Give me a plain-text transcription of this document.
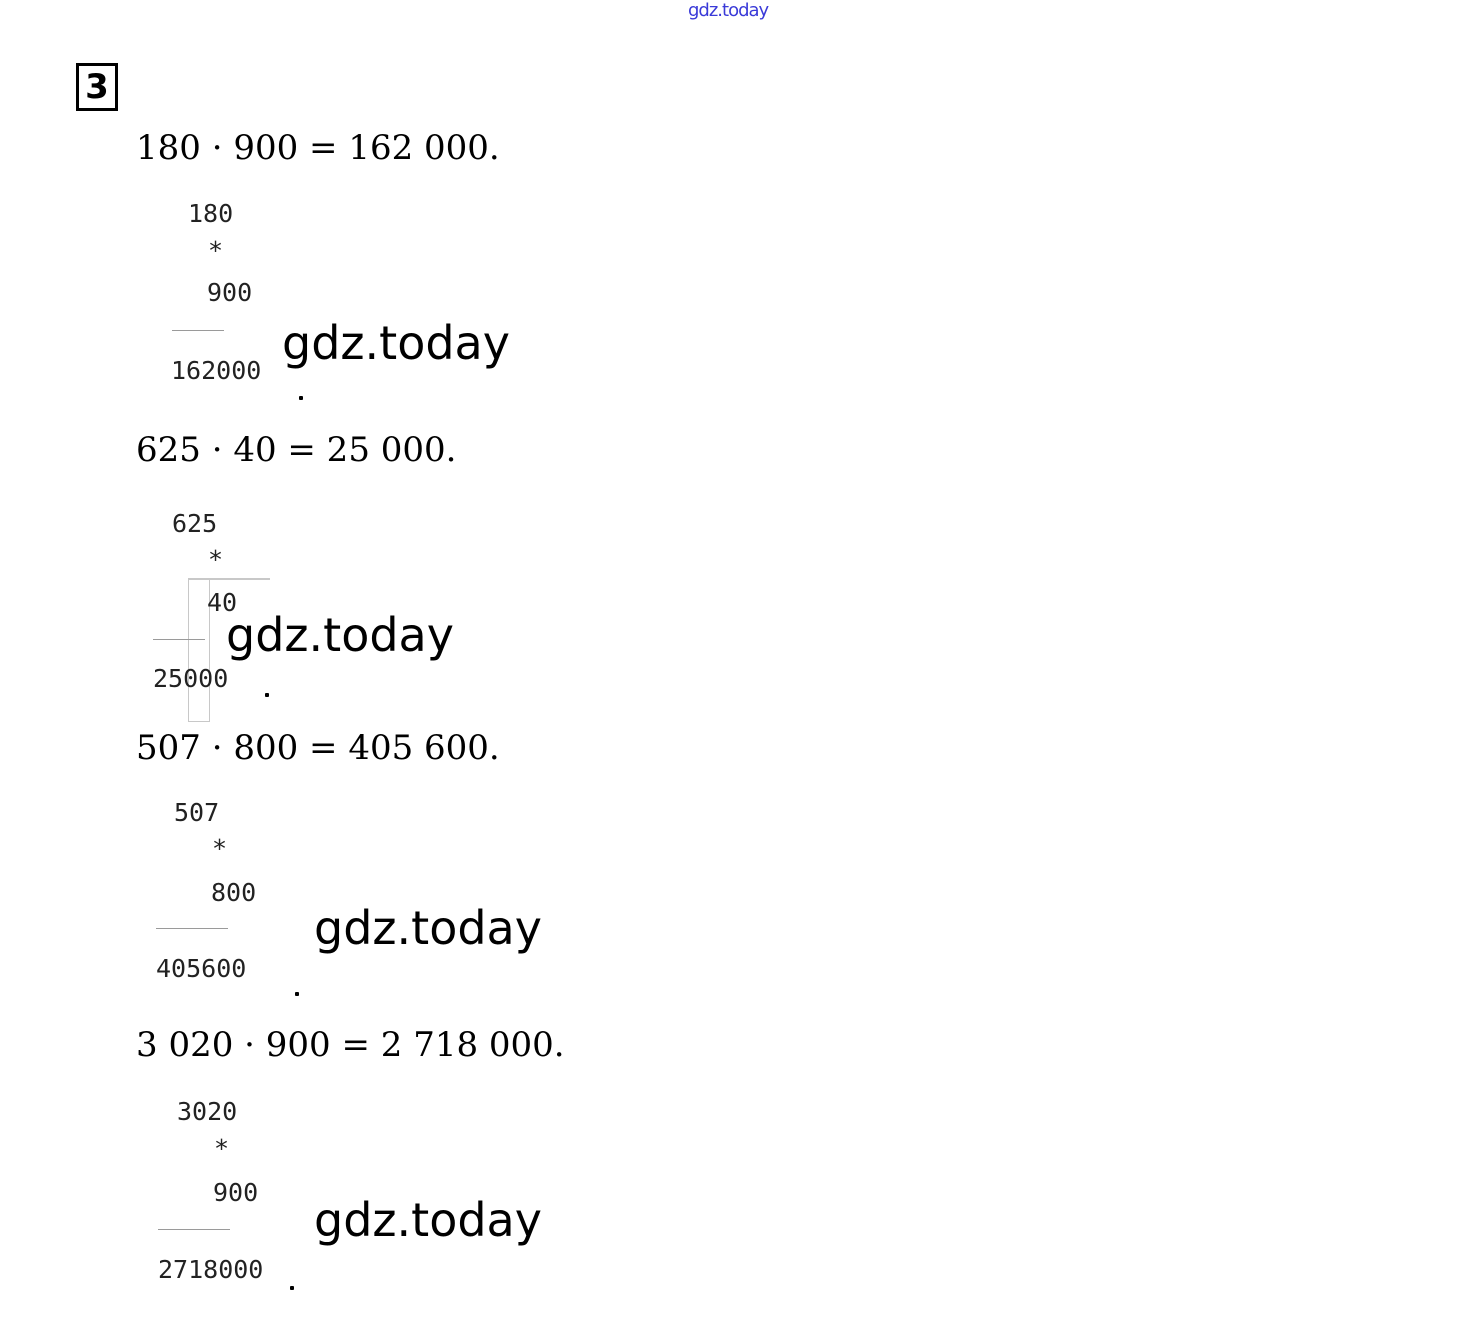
gdz.today
3
180 · 900 = 162 000.
180
*
900
162000
gdz.today
625 · 40 = 25 000.
625
*
40
25000
gdz.today
507 · 800 = 405 600.
507
*
800
405600
gdz.today
3 020 · 900 = 2 718 000.
3020
*
900
2718000
gdz.today
